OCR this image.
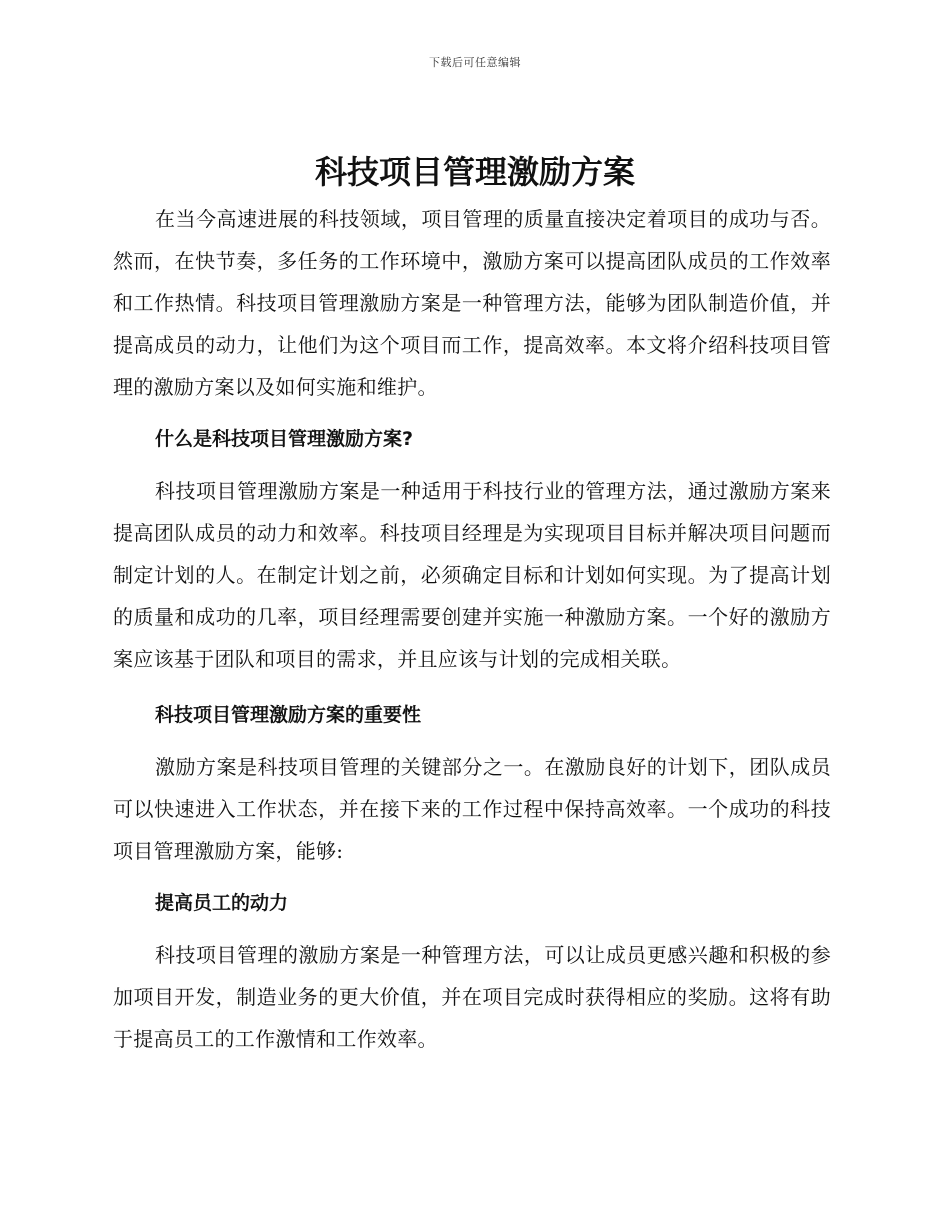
下载后可任意编辑
科技项目管理激励方案

在当今高速进展的科技领域，项目管理的质量直接决定着项目的成功与否。然而，在快节奏，多任务的工作环境中，激励方案可以提高团队成员的工作效率和工作热情。科技项目管理激励方案是一种管理方法，能够为团队制造价值，并提高成员的动力，让他们为这个项目而工作，提高效率。本文将介绍科技项目管理的激励方案以及如何实施和维护。

什么是科技项目管理激励方案?

科技项目管理激励方案是一种适用于科技行业的管理方法，通过激励方案来提高团队成员的动力和效率。科技项目经理是为实现项目目标并解决项目问题而制定计划的人。在制定计划之前，必须确定目标和计划如何实现。为了提高计划的质量和成功的几率，项目经理需要创建并实施一种激励方案。一个好的激励方案应该基于团队和项目的需求，并且应该与计划的完成相关联。

科技项目管理激励方案的重要性

激励方案是科技项目管理的关键部分之一。在激励良好的计划下，团队成员可以快速进入工作状态，并在接下来的工作过程中保持高效率。一个成功的科技项目管理激励方案，能够:

提高员工的动力

科技项目管理的激励方案是一种管理方法，可以让成员更感兴趣和积极的参加项目开发，制造业务的更大价值，并在项目完成时获得相应的奖励。这将有助于提高员工的工作激情和工作效率。
